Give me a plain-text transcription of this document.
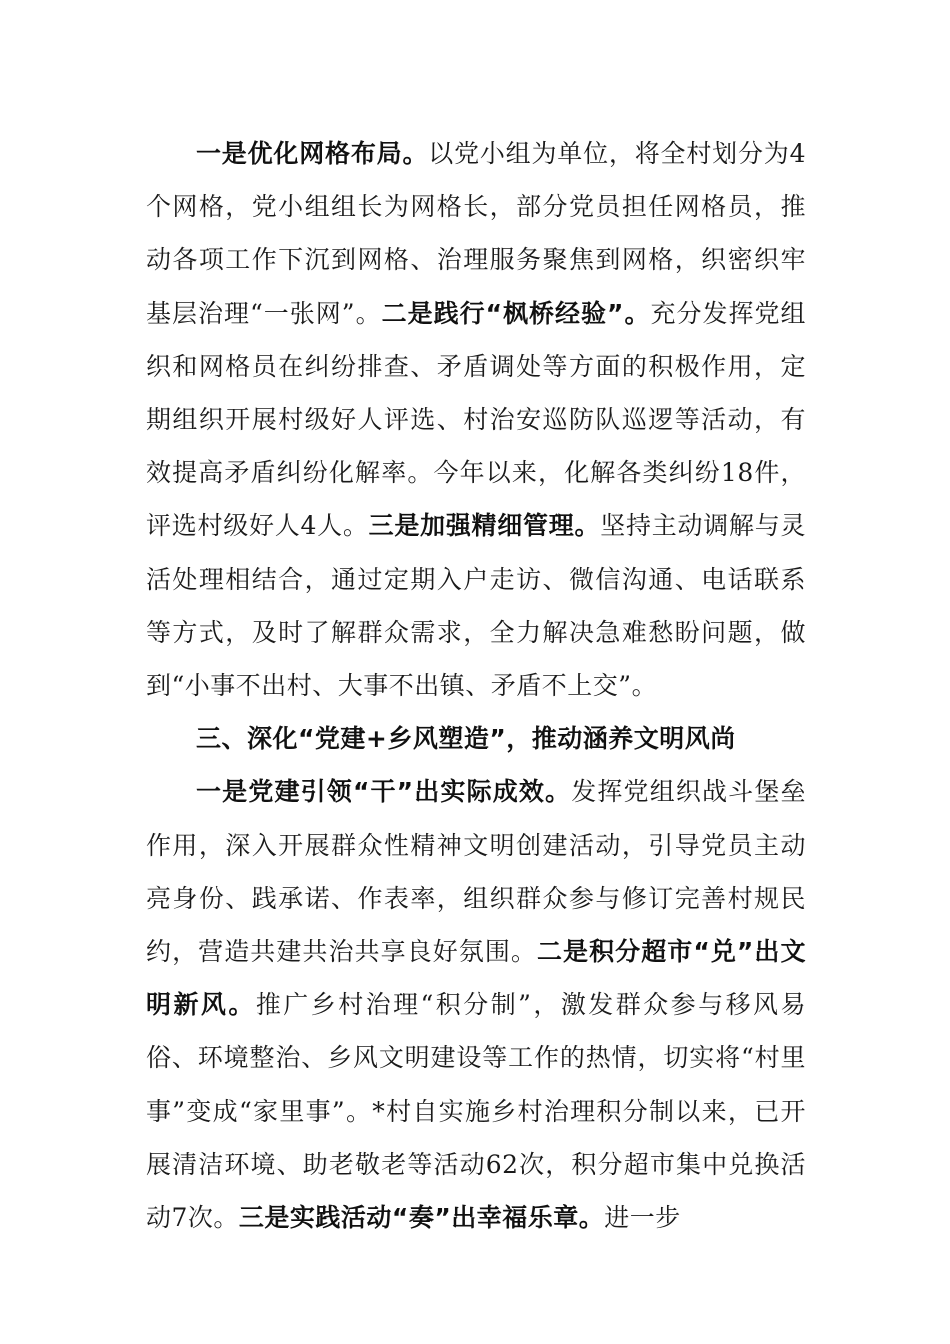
一是优化网格布局。以党小组为单位，将全村划分为4个网格，党小组组长为网格长，部分党员担任网格员，推动各项工作下沉到网格、治理服务聚焦到网格，织密织牢基层治理“一张网”。二是践行“枫桥经验”。充分发挥党组织和网格员在纠纷排查、矛盾调处等方面的积极作用，定期组织开展村级好人评选、村治安巡防队巡逻等活动，有效提高矛盾纠纷化解率。今年以来，化解各类纠纷18件，评选村级好人4人。三是加强精细管理。坚持主动调解与灵活处理相结合，通过定期入户走访、微信沟通、电话联系等方式，及时了解群众需求，全力解决急难愁盼问题，做到“小事不出村、大事不出镇、矛盾不上交”。

三、深化“党建+乡风塑造”，推动涵养文明风尚

一是党建引领“干”出实际成效。发挥党组织战斗堡垒作用，深入开展群众性精神文明创建活动，引导党员主动亮身份、践承诺、作表率，组织群众参与修订完善村规民约，营造共建共治共享良好氛围。二是积分超市“兑”出文明新风。推广乡村治理“积分制”，激发群众参与移风易俗、环境整治、乡风文明建设等工作的热情，切实将“村里事”变成“家里事”。*村自实施乡村治理积分制以来，已开展清洁环境、助老敬老等活动62次，积分超市集中兑换活动7次。三是实践活动“奏”出幸福乐章。进一步
